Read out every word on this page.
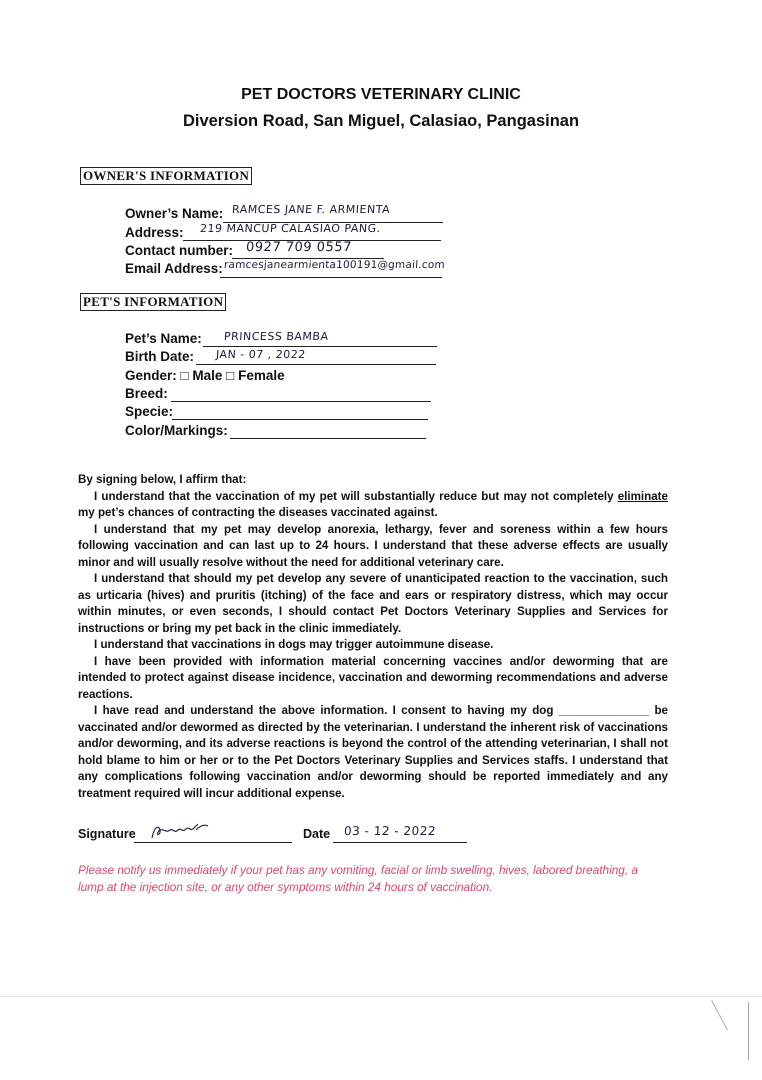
PET DOCTORS VETERINARY CLINIC
Diversion Road, San Miguel, Calasiao, Pangasinan
OWNER'S INFORMATION
Owner’s Name: RAMCES JANE F. ARMIENTA
Address: 219 MANCUP CALASIAO PANG.
Contact number: 0927 709 0557
Email Address: ramcesjanearmienta100191@gmail.com
PET'S INFORMATION
Pet’s Name: PRINCESS BAMBA
Birth Date: JAN - 07 , 2022
Gender: □ Male □ Female
Breed:
Specie:
Color/Markings:

By signing below, I affirm that:

I understand that the vaccination of my pet will substantially reduce but may not completely eliminate my pet’s chances of contracting the diseases vaccinated against.

I understand that my pet may develop anorexia, lethargy, fever and soreness within a few hours following vaccination and can last up to 24 hours. I understand that these adverse effects are usually minor and will usually resolve without the need for additional veterinary care.

I understand that should my pet develop any severe of unanticipated reaction to the vaccination, such as urticaria (hives) and pruritis (itching) of the face and ears or respiratory distress, which may occur within minutes, or even seconds, I should contact Pet Doctors Veterinary Supplies and Services for instructions or bring my pet back in the clinic immediately.

I understand that vaccinations in dogs may trigger autoimmune disease.

I have been provided with information material concerning vaccines and/or deworming that are intended to protect against disease incidence, vaccination and deworming recommendations and adverse reactions.

I have read and understand the above information. I consent to having my dog ______________ be vaccinated and/or dewormed as directed by the veterinarian. I understand the inherent risk of vaccinations and/or deworming, and its adverse reactions is beyond the control of the attending veterinarian, I shall not hold blame to him or her or to the Pet Doctors Veterinary Supplies and Services staffs. I understand that any complications following vaccination and/or deworming should be reported immediately and any treatment required will incur additional expense.

Signature	Date 03 - 12 - 2022
Please notify us immediately if your pet has any vomiting, facial or limb swelling, hives, labored breathing, a lump at the injection site, or any other symptoms within 24 hours of vaccination.
